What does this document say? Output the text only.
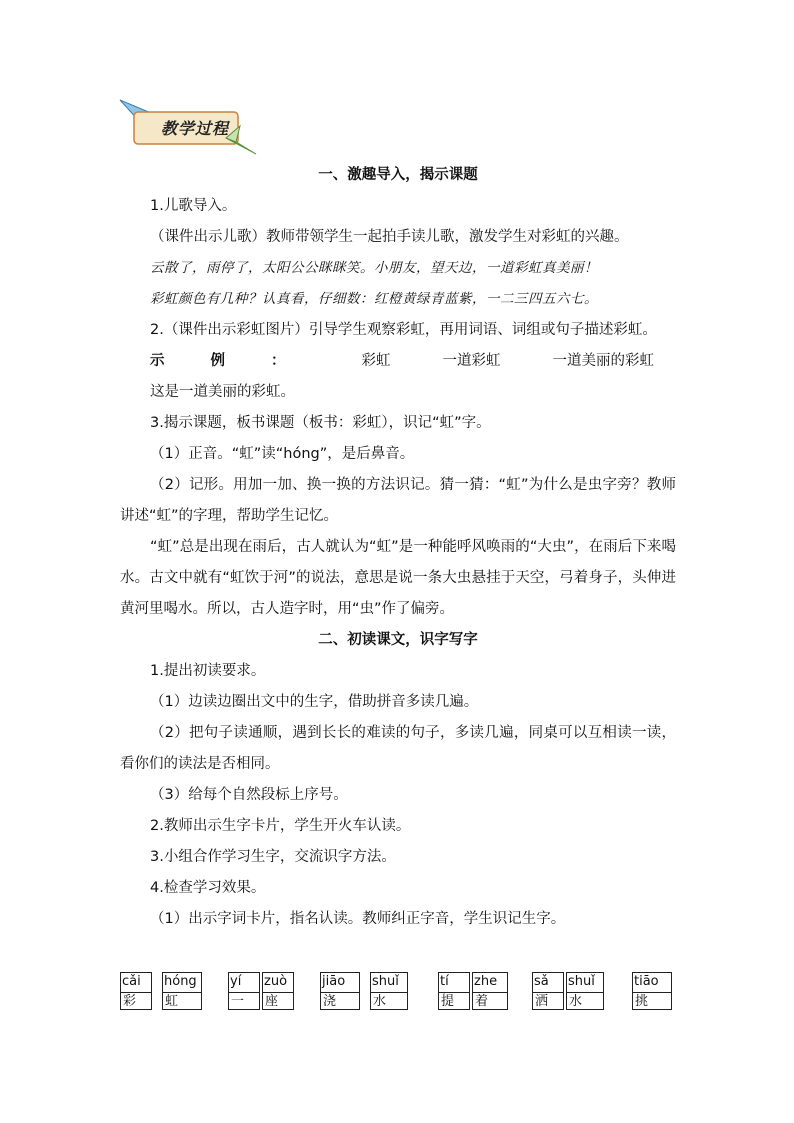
教学过程

一、激趣导入，揭示课题

1.儿歌导入。

（课件出示儿歌）教师带领学生一起拍手读儿歌，激发学生对彩虹的兴趣。

云散了，雨停了，太阳公公眯眯笑。小朋友，望天边，一道彩虹真美丽！

彩虹颜色有几种？认真看，仔细数：红橙黄绿青蓝紫，一二三四五六七。

2.（课件出示彩虹图片）引导学生观察彩虹，再用词语、词组或句子描述彩虹。

示例： 彩虹	一道彩虹	一道美丽的彩虹这是一道美丽的彩虹。

3.揭示课题，板书课题（板书：彩虹），识记“虹”字。

（1）正音。“虹”读“hóng”，是后鼻音。

（2）记形。用加一加、换一换的方法识记。猜一猜：“虹”为什么是虫字旁？教师讲述“虹”的字理，帮助学生记忆。

“虹”总是出现在雨后，古人就认为“虹”是一种能呼风唤雨的“大虫”，在雨后下来喝水。古文中就有“虹饮于河”的说法，意思是说一条大虫悬挂于天空，弓着身子，头伸进黄河里喝水。所以，古人造字时，用“虫”作了偏旁。

二、初读课文，识字写字

1.提出初读要求。

（1）边读边圈出文中的生字，借助拼音多读几遍。

（2）把句子读通顺，遇到长长的难读的句子，多读几遍，同桌可以互相读一读，看你们的读法是否相同。

（3）给每个自然段标上序号。

2.教师出示生字卡片，学生开火车认读。

3.小组合作学习生字，交流识字方法。

4.检查学习效果。

（1）出示字词卡片，指名认读。教师纠正字音，学生识记生字。

cǎi
彩
hóng
虹
yí
一
zuò
座
jiāo
浇
shuǐ
水
tí
提
zhe
着
sǎ
洒
shuǐ
水
tiāo
挑
